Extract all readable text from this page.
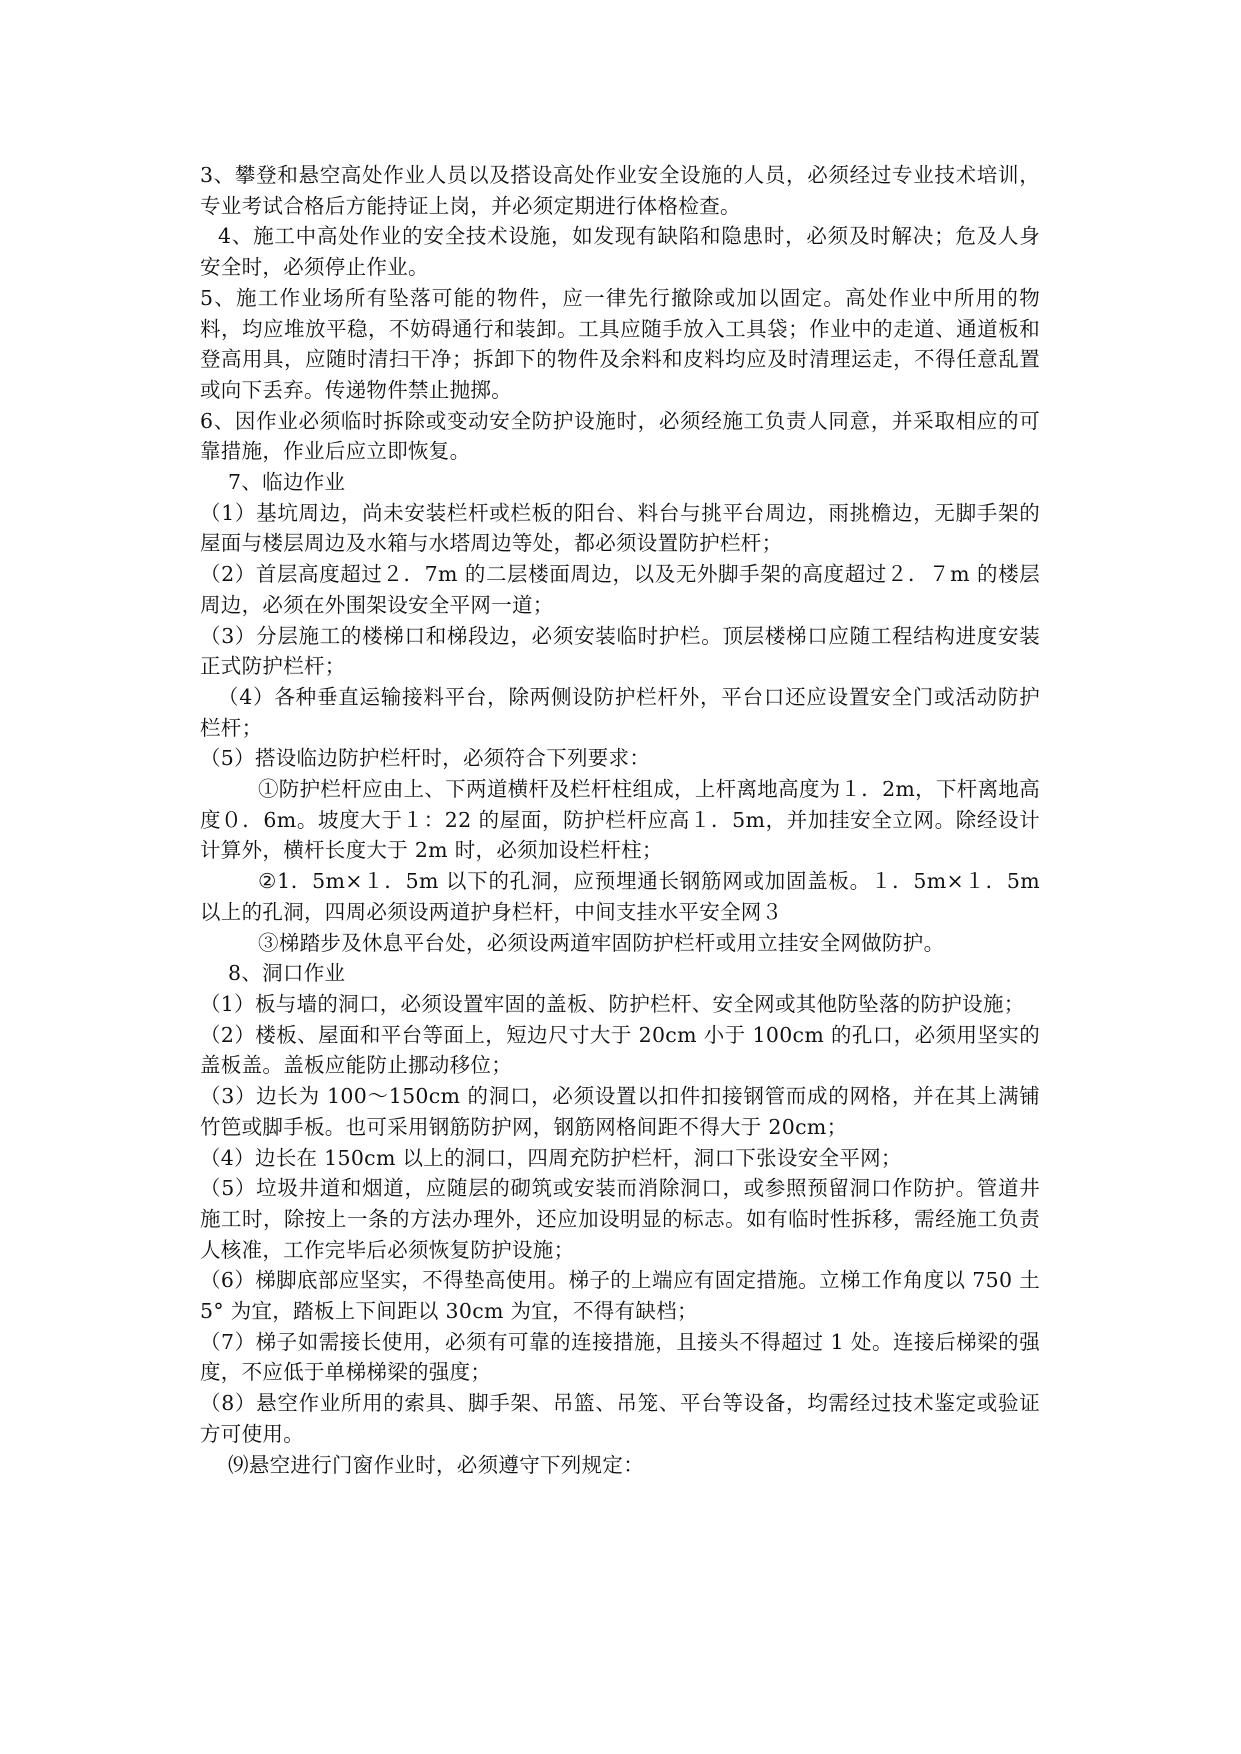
3、攀登和悬空高处作业人员以及搭设高处作业安全设施的人员，必须经过专业技术培训，专业考试合格后方能持证上岗，并必须定期进行体格检查。

4、施工中高处作业的安全技术设施，如发现有缺陷和隐患时，必须及时解决；危及人身安全时，必须停止作业。

5、施工作业场所有坠落可能的物件，应一律先行撤除或加以固定。高处作业中所用的物料，均应堆放平稳，不妨碍通行和装卸。工具应随手放入工具袋；作业中的走道、通道板和登高用具，应随时清扫干净；拆卸下的物件及余料和皮料均应及时清理运走，不得任意乱置或向下丢弃。传递物件禁止抛掷。

6、因作业必须临时拆除或变动安全防护设施时，必须经施工负责人同意，并采取相应的可靠措施，作业后应立即恢复。

7、临边作业

（1）基坑周边，尚未安装栏杆或栏板的阳台、料台与挑平台周边，雨挑檐边，无脚手架的屋面与楼层周边及水箱与水塔周边等处，都必须设置防护栏杆；

（2）首层高度超过２．7m 的二层楼面周边，以及无外脚手架的高度超过２．７m 的楼层周边，必须在外围架设安全平网一道；

（3）分层施工的楼梯口和梯段边，必须安装临时护栏。顶层楼梯口应随工程结构进度安装正式防护栏杆；

（4）各种垂直运输接料平台，除两侧设防护栏杆外，平台口还应设置安全门或活动防护栏杆；

（5）搭设临边防护栏杆时，必须符合下列要求：

①防护栏杆应由上、下两道横杆及栏杆柱组成，上杆离地高度为１．2m，下杆离地高度０．6m。坡度大于１：22 的屋面，防护栏杆应高１．5m，并加挂安全立网。除经设计计算外，横杆长度大于 2m 时，必须加设栏杆柱；

②1．5m×１．5m 以下的孔洞，应预埋通长钢筋网或加固盖板。１．5m×１．5m 以上的孔洞，四周必须设两道护身栏杆，中间支挂水平安全网３

③梯踏步及休息平台处，必须设两道牢固防护栏杆或用立挂安全网做防护。

8、洞口作业

（1）板与墙的洞口，必须设置牢固的盖板、防护栏杆、安全网或其他防坠落的防护设施；

（2）楼板、屋面和平台等面上，短边尺寸大于 20cm 小于 100cm 的孔口，必须用坚实的盖板盖。盖板应能防止挪动移位；

（3）边长为 100～150cm 的洞口，必须设置以扣件扣接钢管而成的网格，并在其上满铺竹笆或脚手板。也可采用钢筋防护网，钢筋网格间距不得大于 20cm；

（4）边长在 150cm 以上的洞口，四周充防护栏杆，洞口下张设安全平网；

（5）垃圾井道和烟道，应随层的砌筑或安装而消除洞口，或参照预留洞口作防护。管道井施工时，除按上一条的方法办理外，还应加设明显的标志。如有临时性拆移，需经施工负责人核准，工作完毕后必须恢复防护设施；

（6）梯脚底部应坚实，不得垫高使用。梯子的上端应有固定措施。立梯工作角度以 750 土 5° 为宜，踏板上下间距以 30cm 为宜，不得有缺档；

（7）梯子如需接长使用，必须有可靠的连接措施，且接头不得超过 1 处。连接后梯梁的强度，不应低于单梯梯梁的强度；

（8）悬空作业所用的索具、脚手架、吊篮、吊笼、平台等设备，均需经过技术鉴定或验证方可使用。

⑼悬空进行门窗作业时，必须遵守下列规定：
